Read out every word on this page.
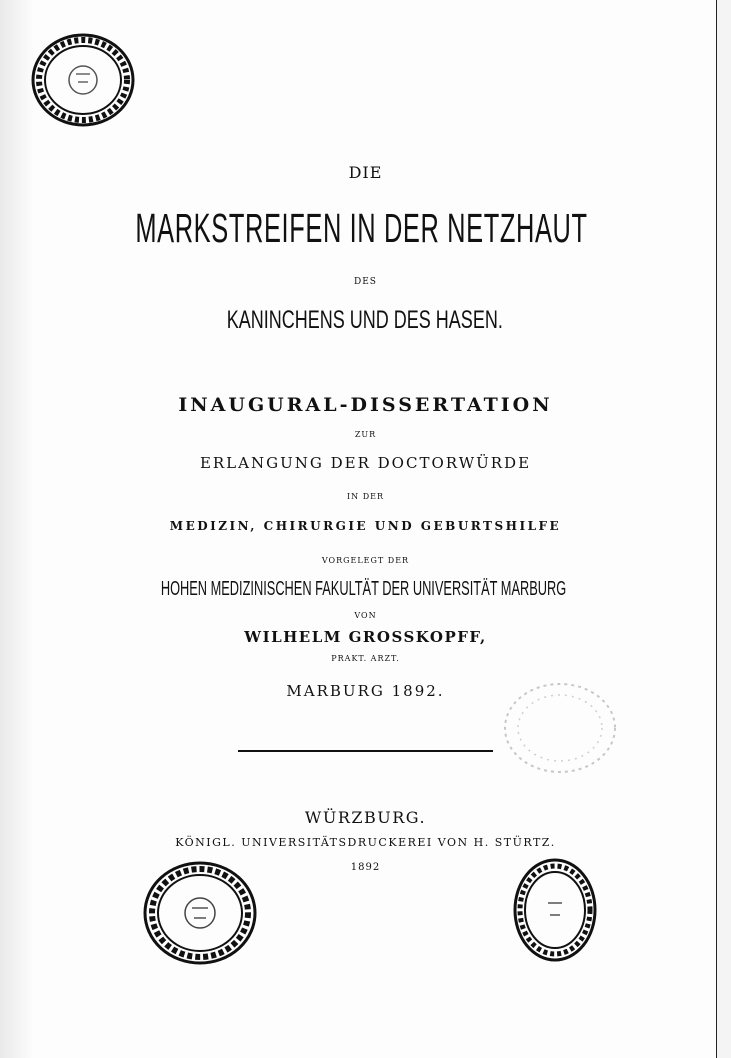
DIE
MARKSTREIFEN IN DER NETZHAUT
DES
KANINCHENS UND DES HASEN.
INAUGURAL-DISSERTATION
ZUR
ERLANGUNG DER DOCTORWÜRDE
IN DER
MEDIZIN, CHIRURGIE UND GEBURTSHILFE
VORGELEGT DER
HOHEN MEDIZINISCHEN FAKULTÄT DER UNIVERSITÄT MARBURG
VON
WILHELM GROSSKOPFF,
PRAKT. ARZT.
MARBURG 1892.
WÜRZBURG.
KÖNIGL. UNIVERSITÄTSDRUCKEREI VON H. STÜRTZ.
1892
